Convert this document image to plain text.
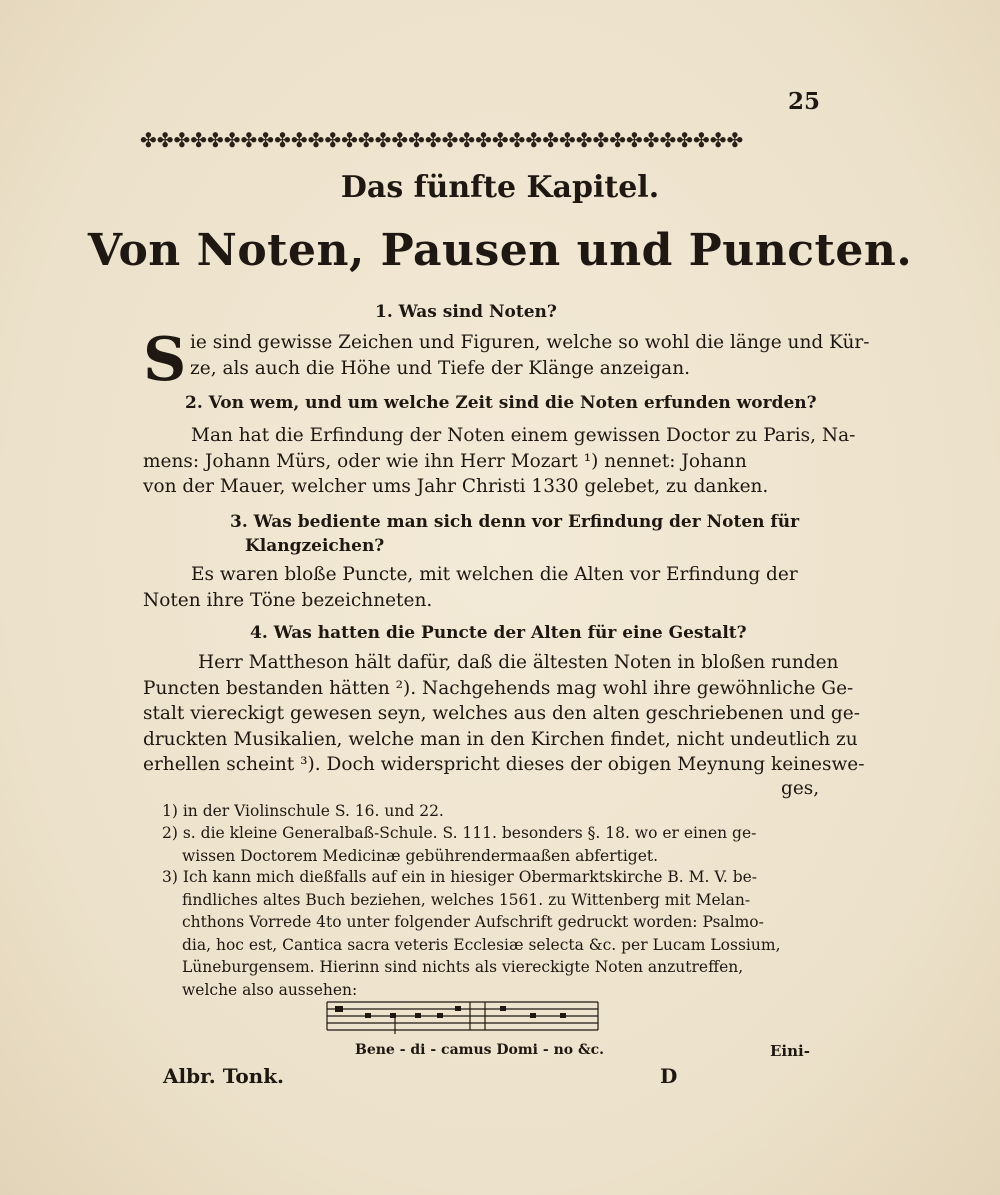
25
✤✤✤✤✤✤✤✤✤✤✤✤✤✤✤✤✤✤✤✤✤✤✤✤✤✤✤✤✤✤✤✤✤✤✤✤
Das fünfte Kapitel.
Von Noten, Pausen und Puncten.
1. Was sind Noten?
S ie sind gewisse Zeichen und Figuren, welche so wohl die länge und Kür-
ze, als auch die Höhe und Tiefe der Klänge anzeigan.
2. Von wem, und um welche Zeit sind die Noten erfunden worden?
Man hat die Erfindung der Noten einem gewissen Doctor zu Paris, Na-
mens: Johann Mürs, oder wie ihn Herr Mozart ¹) nennet: Johann
von der Mauer, welcher ums Jahr Christi 1330 gelebet, zu danken.
3. Was bediente man sich denn vor Erfindung der Noten für
Klangzeichen?
Es waren bloße Puncte, mit welchen die Alten vor Erfindung der
Noten ihre Töne bezeichneten.
4. Was hatten die Puncte der Alten für eine Gestalt?
Herr Mattheson hält dafür, daß die ältesten Noten in bloßen runden
Puncten bestanden hätten ²). Nachgehends mag wohl ihre gewöhnliche Ge-
stalt viereckigt gewesen seyn, welches aus den alten geschriebenen und ge-
druckten Musikalien, welche man in den Kirchen findet, nicht undeutlich zu
erhellen scheint ³). Doch widerspricht dieses der obigen Meynung keineswe-
ges,
1) in der Violinschule S. 16. und 22.
2) s. die kleine Generalbaß-Schule. S. 111. besonders §. 18. wo er einen ge-
wissen Doctorem Medicinæ gebührendermaaßen abfertiget.
3) Ich kann mich dießfalls auf ein in hiesiger Obermarktskirche B. M. V. be-
findliches altes Buch beziehen, welches 1561. zu Wittenberg mit Melan-
chthons Vorrede 4to unter folgender Aufschrift gedruckt worden: Psalmo-
dia, hoc est, Cantica sacra veteris Ecclesiæ selecta &c. per Lucam Lossium,
Lüneburgensem. Hierinn sind nichts als viereckigte Noten anzutreffen,
welche also aussehen:
Bene - di - camus Domi - no &c.	Eini-
Albr. Tonk.	D
